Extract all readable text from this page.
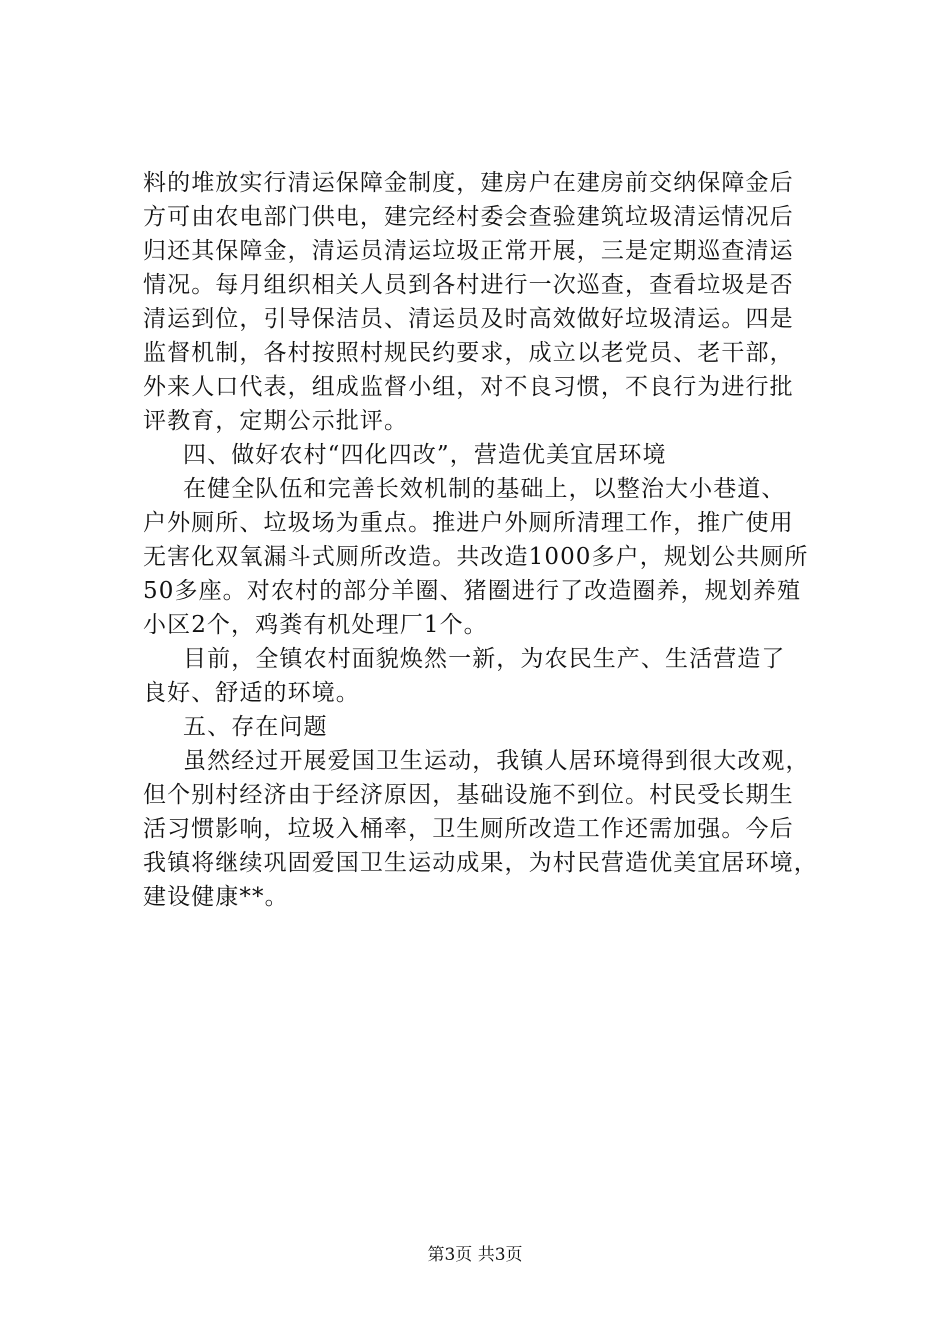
料的堆放实行清运保障金制度，建房户在建房前交纳保障金后
方可由农电部门供电，建完经村委会查验建筑垃圾清运情况后
归还其保障金，清运员清运垃圾正常开展，三是定期巡查清运
情况。每月组织相关人员到各村进行一次巡查，查看垃圾是否
清运到位，引导保洁员、清运员及时高效做好垃圾清运。四是
监督机制，各村按照村规民约要求，成立以老党员、老干部，
外来人口代表，组成监督小组，对不良习惯，不良行为进行批
评教育，定期公示批评。
四、做好农村“四化四改”，营造优美宜居环境
在健全队伍和完善长效机制的基础上，以整治大小巷道、
户外厕所、垃圾场为重点。推进户外厕所清理工作，推广使用
无害化双氧漏斗式厕所改造。共改造1000多户，规划公共厕所
50多座。对农村的部分羊圈、猪圈进行了改造圈养，规划养殖
小区2个，鸡粪有机处理厂1个。
目前，全镇农村面貌焕然一新，为农民生产、生活营造了
良好、舒适的环境。
五、存在问题
虽然经过开展爱国卫生运动，我镇人居环境得到很大改观，
但个别村经济由于经济原因，基础设施不到位。村民受长期生
活习惯影响，垃圾入桶率，卫生厕所改造工作还需加强。今后
我镇将继续巩固爱国卫生运动成果，为村民营造优美宜居环境，
建设健康**。
第3页 共3页
